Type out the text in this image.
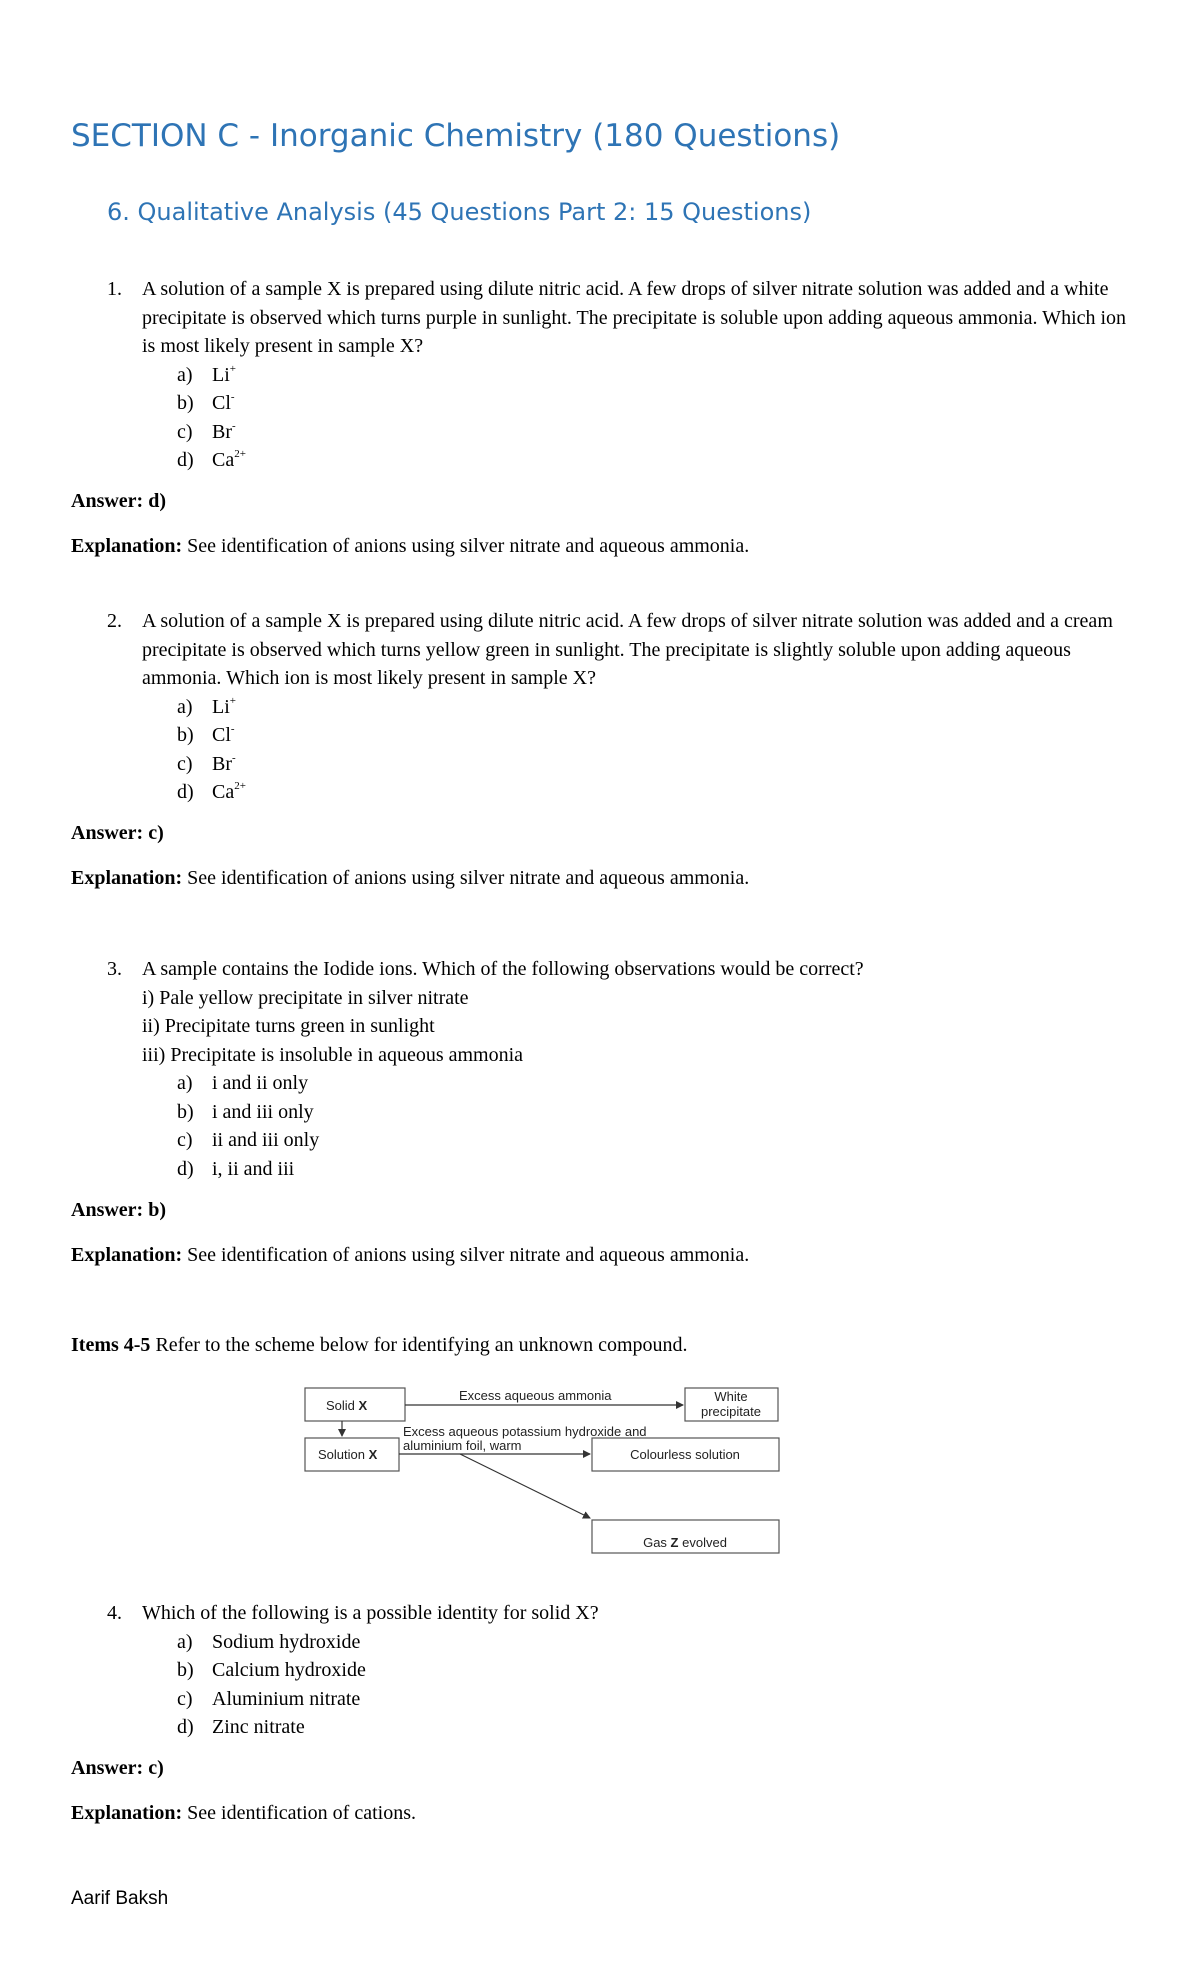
SECTION C - Inorganic Chemistry (180 Questions)
6. Qualitative Analysis (45 Questions Part 2: 15 Questions)
1. A solution of a sample X is prepared using dilute nitric acid. A few drops of silver nitrate solution was added and a white precipitate is observed which turns purple in sunlight. The precipitate is soluble upon adding aqueous ammonia. Which ion is most likely present in sample X?
a) Li+
b) Cl-
c) Br-
d) $Ca^{2+}$
Answer: d)
Explanation: See identification of anions using silver nitrate and aqueous ammonia.
2. A solution of a sample X is prepared using dilute nitric acid. A few drops of silver nitrate solution was added and a cream precipitate is observed which turns yellow green in sunlight. The precipitate is slightly soluble upon adding aqueous ammonia. Which ion is most likely present in sample X?
a) Li+
b) Cl-
c) Br-
d) $Ca^{2+}$
Answer: c)
Explanation: See identification of anions using silver nitrate and aqueous ammonia.
3. A sample contains the Iodide ions. Which of the following observations would be correct?
i) Pale yellow precipitate in silver nitrate
ii) Precipitate turns green in sunlight
iii) Precipitate is insoluble in aqueous ammonia
a) i and ii only
b) i and iii only
c) ii and iii only
d) i, ii and iii
Answer: b)
Explanation: See identification of anions using silver nitrate and aqueous ammonia.
Items 4-5 Refer to the scheme below for identifying an unknown compound.
Solid X
Solution X
White
precipitate
Excess aqueous ammonia
Excess aqueous potassium hydroxide and
aluminium foil, warm
Colourless solution
Gas Z evolved
4. Which of the following is a possible identity for solid X?
a) Sodium hydroxide
b) Calcium hydroxide
c) Aluminium nitrate
d) Zinc nitrate
Answer: c)
Explanation: See identification of cations.
Aarif Baksh
